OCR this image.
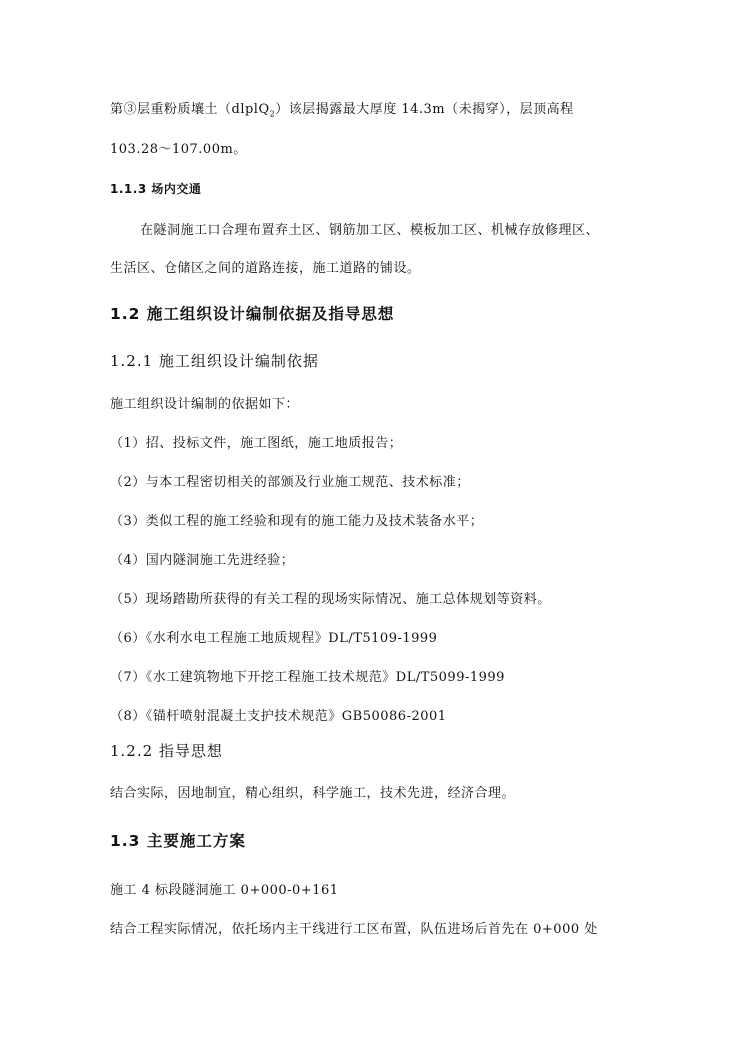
第③层重粉质壤土（dlplQ$_2$）该层揭露最大厚度 14.3m（未揭穿），层顶高程
103.28～107.00m。
1.1.3 场内交通
在隧洞施工口合理布置弃土区、钢筋加工区、模板加工区、机械存放修理区、
生活区、仓储区之间的道路连接，施工道路的铺设。
1.2 施工组织设计编制依据及指导思想
1.2.1 施工组织设计编制依据
施工组织设计编制的依据如下：
（1）招、投标文件，施工图纸，施工地质报告；
（2）与本工程密切相关的部颁及行业施工规范、技术标准；
（3）类似工程的施工经验和现有的施工能力及技术装备水平；
（4）国内隧洞施工先进经验；
（5）现场踏勘所获得的有关工程的现场实际情况、施工总体规划等资料。
（6）《水利水电工程施工地质规程》DL/T5109-1999
（7）《水工建筑物地下开挖工程施工技术规范》DL/T5099-1999
（8）《锚杆喷射混凝土支护技术规范》GB50086-2001
1.2.2 指导思想
结合实际，因地制宜，精心组织，科学施工，技术先进，经济合理。
1.3 主要施工方案
施工 4 标段隧洞施工 0+000-0+161
结合工程实际情况，依托场内主干线进行工区布置，队伍进场后首先在 0+000 处
